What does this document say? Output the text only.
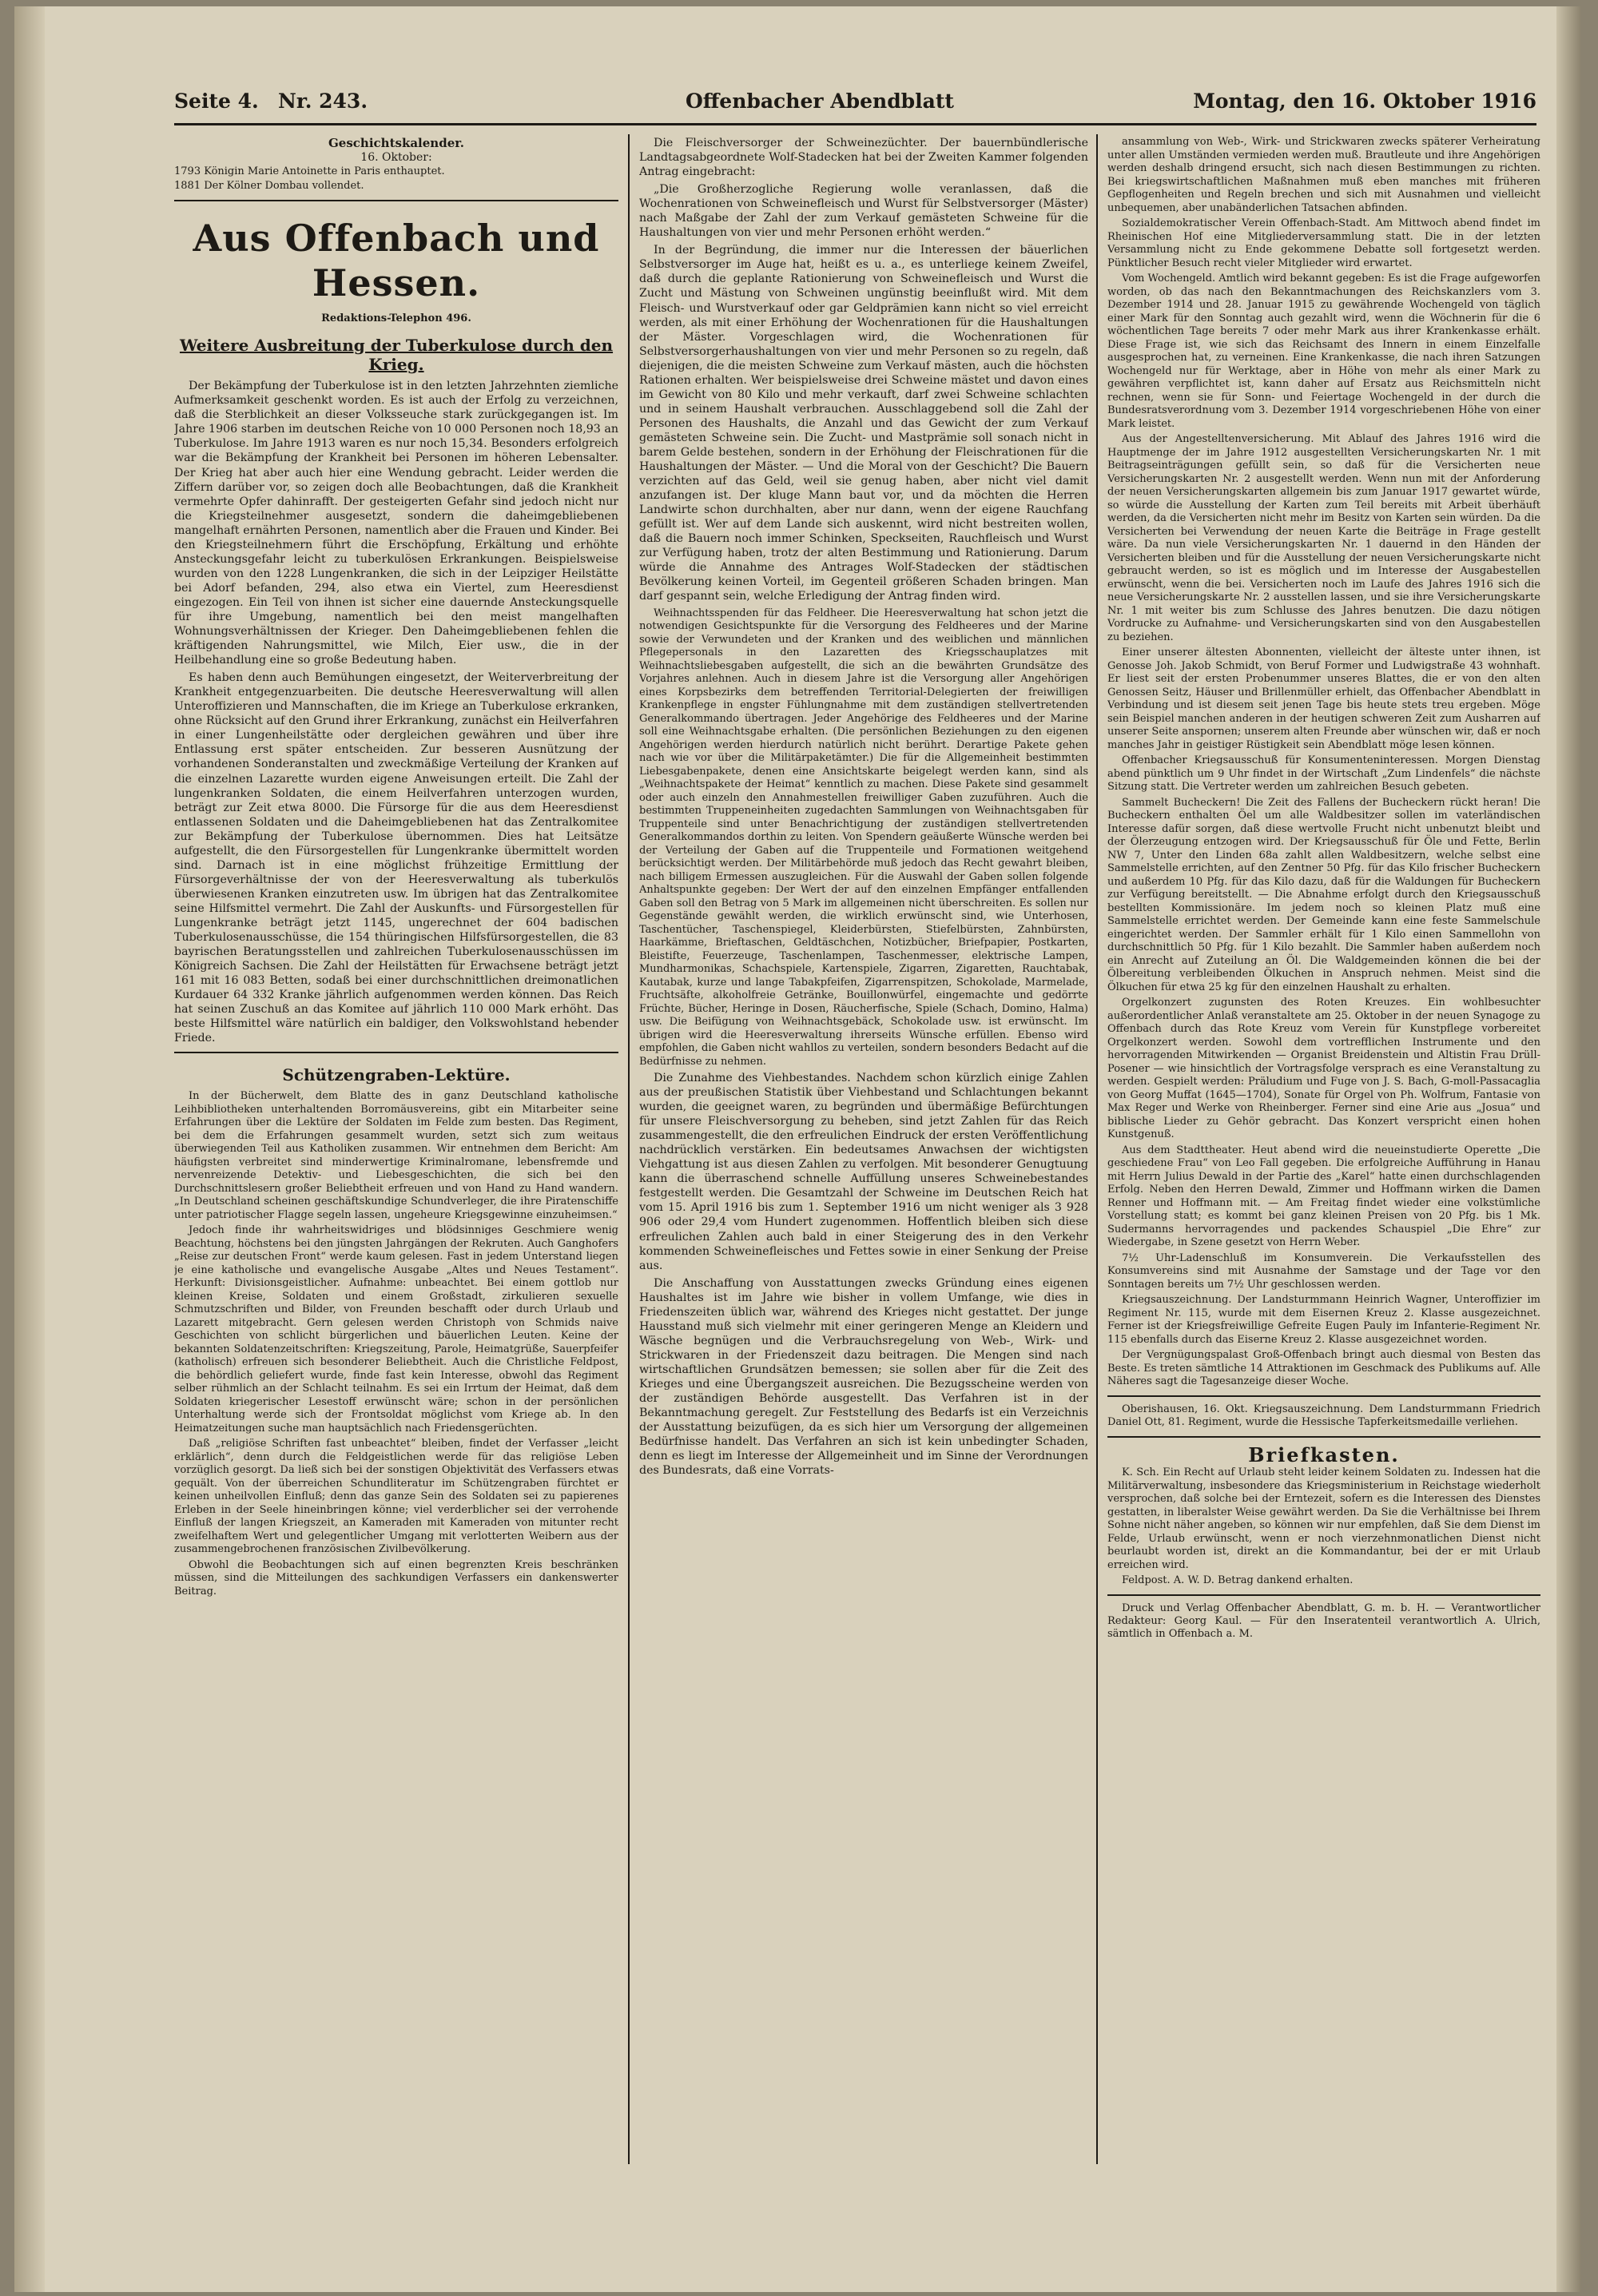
Seite 4. Nr. 243.	Offenbacher Abendblatt	Montag, den 16. Oktober 1916
Geschichtskalender.
16. Oktober:

1793 Königin Marie Antoinette in Paris enthauptet.

1881 Der Kölner Dombau vollendet.

Aus Offenbach und Hessen.
Redaktions-Telephon 496.
Weitere Ausbreitung der Tuberkulose durch den Krieg.

Der Bekämpfung der Tuberkulose ist in den letzten Jahrzehnten ziemliche Aufmerksamkeit geschenkt worden. Es ist auch der Erfolg zu verzeichnen, daß die Sterblichkeit an dieser Volksseuche stark zurückgegangen ist. Im Jahre 1906 starben im deutschen Reiche von 10 000 Personen noch 18,93 an Tuberkulose. Im Jahre 1913 waren es nur noch 15,34. Besonders erfolgreich war die Bekämpfung der Krankheit bei Personen im höheren Lebensalter. Der Krieg hat aber auch hier eine Wendung gebracht. Leider werden die Ziffern darüber vor, so zeigen doch alle Beobachtungen, daß die Krankheit vermehrte Opfer dahinrafft. Der gesteigerten Gefahr sind jedoch nicht nur die Kriegsteilnehmer ausgesetzt, sondern die daheimgebliebenen mangelhaft ernährten Personen, namentlich aber die Frauen und Kinder. Bei den Kriegsteilnehmern führt die Erschöpfung, Erkältung und erhöhte Ansteckungsgefahr leicht zu tuberkulösen Erkrankungen. Beispielsweise wurden von den 1228 Lungenkranken, die sich in der Leipziger Heilstätte bei Adorf befanden, 294, also etwa ein Viertel, zum Heeresdienst eingezogen. Ein Teil von ihnen ist sicher eine dauernde Ansteckungsquelle für ihre Umgebung, namentlich bei den meist mangelhaften Wohnungsverhältnissen der Krieger. Den Daheimgebliebenen fehlen die kräftigenden Nahrungsmittel, wie Milch, Eier usw., die in der Heilbehandlung eine so große Bedeutung haben.

Es haben denn auch Bemühungen eingesetzt, der Weiterverbreitung der Krankheit entgegenzuarbeiten. Die deutsche Heeresverwaltung will allen Unteroffizieren und Mannschaften, die im Kriege an Tuberkulose erkranken, ohne Rücksicht auf den Grund ihrer Erkrankung, zunächst ein Heilverfahren in einer Lungenheilstätte oder dergleichen gewähren und über ihre Entlassung erst später entscheiden. Zur besseren Ausnützung der vorhandenen Sonderanstalten und zweckmäßige Verteilung der Kranken auf die einzelnen Lazarette wurden eigene Anweisungen erteilt. Die Zahl der lungenkranken Soldaten, die einem Heilverfahren unterzogen wurden, beträgt zur Zeit etwa 8000. Die Fürsorge für die aus dem Heeresdienst entlassenen Soldaten und die Daheimgebliebenen hat das Zentralkomitee zur Bekämpfung der Tuberkulose übernommen. Dies hat Leitsätze aufgestellt, die den Fürsorgestellen für Lungenkranke übermittelt worden sind. Darnach ist in eine möglichst frühzeitige Ermittlung der Fürsorgeverhältnisse der von der Heeresverwaltung als tuberkulös überwiesenen Kranken einzutreten usw. Im übrigen hat das Zentralkomitee seine Hilfsmittel vermehrt. Die Zahl der Auskunfts- und Fürsorgestellen für Lungenkranke beträgt jetzt 1145, ungerechnet der 604 badischen Tuberkulosenausschüsse, die 154 thüringischen Hilfsfürsorgestellen, die 83 bayrischen Beratungsstellen und zahlreichen Tuberkulosenausschüssen im Königreich Sachsen. Die Zahl der Heilstätten für Erwachsene beträgt jetzt 161 mit 16 083 Betten, sodaß bei einer durchschnittlichen dreimonatlichen Kurdauer 64 332 Kranke jährlich aufgenommen werden können. Das Reich hat seinen Zuschuß an das Komitee auf jährlich 110 000 Mark erhöht. Das beste Hilfsmittel wäre natürlich ein baldiger, den Volkswohlstand hebender Friede.

Schützengraben-Lektüre.

In der Bücherwelt, dem Blatte des in ganz Deutschland katholische Leihbibliotheken unterhaltenden Borromäusvereins, gibt ein Mitarbeiter seine Erfahrungen über die Lektüre der Soldaten im Felde zum besten. Das Regiment, bei dem die Erfahrungen gesammelt wurden, setzt sich zum weitaus überwiegenden Teil aus Katholiken zusammen. Wir entnehmen dem Bericht: Am häufigsten verbreitet sind minderwertige Kriminalromane, lebensfremde und nervenreizende Detektiv- und Liebesgeschichten, die sich bei den Durchschnittslesern großer Beliebtheit erfreuen und von Hand zu Hand wandern. „In Deutschland scheinen geschäftskundige Schundverleger, die ihre Piratenschiffe unter patriotischer Flagge segeln lassen, ungeheure Kriegsgewinne einzuheimsen.“

Jedoch finde ihr wahrheitswidriges und blödsinniges Geschmiere wenig Beachtung, höchstens bei den jüngsten Jahrgängen der Rekruten. Auch Ganghofers „Reise zur deutschen Front“ werde kaum gelesen. Fast in jedem Unterstand liegen je eine katholische und evangelische Ausgabe „Altes und Neues Testament“. Herkunft: Divisionsgeistlicher. Aufnahme: unbeachtet. Bei einem gottlob nur kleinen Kreise, Soldaten und einem Großstadt, zirkulieren sexuelle Schmutzschriften und Bilder, von Freunden beschafft oder durch Urlaub und Lazarett mitgebracht. Gern gelesen werden Christoph von Schmids naive Geschichten von schlicht bürgerlichen und bäuerlichen Leuten. Keine der bekannten Soldatenzeitschriften: Kriegszeitung, Parole, Heimatgrüße, Sauerpfeifer (katholisch) erfreuen sich besonderer Beliebtheit. Auch die Christliche Feldpost, die behördlich geliefert wurde, finde fast kein Interesse, obwohl das Regiment selber rühmlich an der Schlacht teilnahm. Es sei ein Irrtum der Heimat, daß dem Soldaten kriegerischer Lesestoff erwünscht wäre; schon in der persönlichen Unterhaltung werde sich der Frontsoldat möglichst vom Kriege ab. In den Heimatzeitungen suche man hauptsächlich nach Friedensgerüchten.

Daß „religiöse Schriften fast unbeachtet“ bleiben, findet der Verfasser „leicht erklärlich“, denn durch die Feldgeistlichen werde für das religiöse Leben vorzüglich gesorgt. Da ließ sich bei der sonstigen Objektivität des Verfassers etwas gequält. Von der überreichen Schundliteratur im Schützengraben fürchtet er keinen unheilvollen Einfluß; denn das ganze Sein des Soldaten sei zu papierenes Erleben in der Seele hineinbringen könne; viel verderblicher sei der verrohende Einfluß der langen Kriegszeit, an Kameraden mit Kameraden von mitunter recht zweifelhaftem Wert und gelegentlicher Umgang mit verlotterten Weibern aus der zusammengebrochenen französischen Zivilbevölkerung.

Obwohl die Beobachtungen sich auf einen begrenzten Kreis beschränken müssen, sind die Mitteilungen des sachkundigen Verfassers ein dankenswerter Beitrag.

Die Fleischversorger der Schweinezüchter. Der bauernbündlerische Landtagsabgeordnete Wolf-Stadecken hat bei der Zweiten Kammer folgenden Antrag eingebracht:

„Die Großherzogliche Regierung wolle veranlassen, daß die Wochenrationen von Schweinefleisch und Wurst für Selbstversorger (Mäster) nach Maßgabe der Zahl der zum Verkauf gemästeten Schweine für die Haushaltungen von vier und mehr Personen erhöht werden.“

In der Begründung, die immer nur die Interessen der bäuerlichen Selbstversorger im Auge hat, heißt es u. a., es unterliege keinem Zweifel, daß durch die geplante Rationierung von Schweinefleisch und Wurst die Zucht und Mästung von Schweinen ungünstig beeinflußt wird. Mit dem Fleisch- und Wurstverkauf oder gar Geldprämien kann nicht so viel erreicht werden, als mit einer Erhöhung der Wochenrationen für die Haushaltungen der Mäster. Vorgeschlagen wird, die Wochenrationen für Selbstversorgerhaushaltungen von vier und mehr Personen so zu regeln, daß diejenigen, die die meisten Schweine zum Verkauf mästen, auch die höchsten Rationen erhalten. Wer beispielsweise drei Schweine mästet und davon eines im Gewicht von 80 Kilo und mehr verkauft, darf zwei Schweine schlachten und in seinem Haushalt verbrauchen. Ausschlaggebend soll die Zahl der Personen des Haushalts, die Anzahl und das Gewicht der zum Verkauf gemästeten Schweine sein. Die Zucht- und Mastprämie soll sonach nicht in barem Gelde bestehen, sondern in der Erhöhung der Fleischrationen für die Haushaltungen der Mäster. — Und die Moral von der Geschicht? Die Bauern verzichten auf das Geld, weil sie genug haben, aber nicht viel damit anzufangen ist. Der kluge Mann baut vor, und da möchten die Herren Landwirte schon durchhalten, aber nur dann, wenn der eigene Rauchfang gefüllt ist. Wer auf dem Lande sich auskennt, wird nicht bestreiten wollen, daß die Bauern noch immer Schinken, Speckseiten, Rauchfleisch und Wurst zur Verfügung haben, trotz der alten Bestimmung und Rationierung. Darum würde die Annahme des Antrages Wolf-Stadecken der städtischen Bevölkerung keinen Vorteil, im Gegenteil größeren Schaden bringen. Man darf gespannt sein, welche Erledigung der Antrag finden wird.

Weihnachtsspenden für das Feldheer. Die Heeresverwaltung hat schon jetzt die notwendigen Gesichtspunkte für die Versorgung des Feldheeres und der Marine sowie der Verwundeten und der Kranken und des weiblichen und männlichen Pflegepersonals in den Lazaretten des Kriegsschauplatzes mit Weihnachtsliebesgaben aufgestellt, die sich an die bewährten Grundsätze des Vorjahres anlehnen. Auch in diesem Jahre ist die Versorgung aller Angehörigen eines Korpsbezirks dem betreffenden Territorial-Delegierten der freiwilligen Krankenpflege in engster Fühlungnahme mit dem zuständigen stellvertretenden Generalkommando übertragen. Jeder Angehörige des Feldheeres und der Marine soll eine Weihnachtsgabe erhalten. (Die persönlichen Beziehungen zu den eigenen Angehörigen werden hierdurch natürlich nicht berührt. Derartige Pakete gehen nach wie vor über die Militärpaketämter.) Die für die Allgemeinheit bestimmten Liebesgabenpakete, denen eine Ansichtskarte beigelegt werden kann, sind als „Weihnachtspakete der Heimat“ kenntlich zu machen. Diese Pakete sind gesammelt oder auch einzeln den Annahmestellen freiwilliger Gaben zuzuführen. Auch die bestimmten Truppeneinheiten zugedachten Sammlungen von Weihnachtsgaben für Truppenteile sind unter Benachrichtigung der zuständigen stellvertretenden Generalkommandos dorthin zu leiten. Von Spendern geäußerte Wünsche werden bei der Verteilung der Gaben auf die Truppenteile und Formationen weitgehend berücksichtigt werden. Der Militärbehörde muß jedoch das Recht gewahrt bleiben, nach billigem Ermessen auszugleichen. Für die Auswahl der Gaben sollen folgende Anhaltspunkte gegeben: Der Wert der auf den einzelnen Empfänger entfallenden Gaben soll den Betrag von 5 Mark im allgemeinen nicht überschreiten. Es sollen nur Gegenstände gewählt werden, die wirklich erwünscht sind, wie Unterhosen, Taschentücher, Taschenspiegel, Kleiderbürsten, Stiefelbürsten, Zahnbürsten, Haarkämme, Brieftaschen, Geldtäschchen, Notizbücher, Briefpapier, Postkarten, Bleistifte, Feuerzeuge, Taschenlampen, Taschenmesser, elektrische Lampen, Mundharmonikas, Schachspiele, Kartenspiele, Zigarren, Zigaretten, Rauchtabak, Kautabak, kurze und lange Tabakpfeifen, Zigarrenspitzen, Schokolade, Marmelade, Fruchtsäfte, alkoholfreie Getränke, Bouillonwürfel, eingemachte und gedörrte Früchte, Bücher, Heringe in Dosen, Räucherfische, Spiele (Schach, Domino, Halma) usw. Die Beifügung von Weihnachtsgebäck, Schokolade usw. ist erwünscht. Im übrigen wird die Heeresverwaltung ihrerseits Wünsche erfüllen. Ebenso wird empfohlen, die Gaben nicht wahllos zu verteilen, sondern besonders Bedacht auf die Bedürfnisse zu nehmen.

Die Zunahme des Viehbestandes. Nachdem schon kürzlich einige Zahlen aus der preußischen Statistik über Viehbestand und Schlachtungen bekannt wurden, die geeignet waren, zu begründen und übermäßige Befürchtungen für unsere Fleischversorgung zu beheben, sind jetzt Zahlen für das Reich zusammengestellt, die den erfreulichen Eindruck der ersten Veröffentlichung nachdrücklich verstärken. Ein bedeutsames Anwachsen der wichtigsten Viehgattung ist aus diesen Zahlen zu verfolgen. Mit besonderer Genugtuung kann die überraschend schnelle Auffüllung unseres Schweinebestandes festgestellt werden. Die Gesamtzahl der Schweine im Deutschen Reich hat vom 15. April 1916 bis zum 1. September 1916 um nicht weniger als 3 928 906 oder 29,4 vom Hundert zugenommen. Hoffentlich bleiben sich diese erfreulichen Zahlen auch bald in einer Steigerung des in den Verkehr kommenden Schweinefleisches und Fettes sowie in einer Senkung der Preise aus.

Die Anschaffung von Ausstattungen zwecks Gründung eines eigenen Haushaltes ist im Jahre wie bisher in vollem Umfange, wie dies in Friedenszeiten üblich war, während des Krieges nicht gestattet. Der junge Hausstand muß sich vielmehr mit einer geringeren Menge an Kleidern und Wäsche begnügen und die Verbrauchsregelung von Web-, Wirk- und Strickwaren in der Friedenszeit dazu beitragen. Die Mengen sind nach wirtschaftlichen Grundsätzen bemessen; sie sollen aber für die Zeit des Krieges und eine Übergangszeit ausreichen. Die Bezugsscheine werden von der zuständigen Behörde ausgestellt. Das Verfahren ist in der Bekanntmachung geregelt. Zur Feststellung des Bedarfs ist ein Verzeichnis der Ausstattung beizufügen, da es sich hier um Versorgung der allgemeinen Bedürfnisse handelt. Das Verfahren an sich ist kein unbedingter Schaden, denn es liegt im Interesse der Allgemeinheit und im Sinne der Verordnungen des Bundesrats, daß eine Vorrats-

ansammlung von Web-, Wirk- und Strickwaren zwecks späterer Verheiratung unter allen Umständen vermieden werden muß. Brautleute und ihre Angehörigen werden deshalb dringend ersucht, sich nach diesen Bestimmungen zu richten. Bei kriegswirtschaftlichen Maßnahmen muß eben manches mit früheren Gepflogenheiten und Regeln brechen und sich mit Ausnahmen und vielleicht unbequemen, aber unabänderlichen Tatsachen abfinden.

Sozialdemokratischer Verein Offenbach-Stadt. Am Mittwoch abend findet im Rheinischen Hof eine Mitgliederversammlung statt. Die in der letzten Versammlung nicht zu Ende gekommene Debatte soll fortgesetzt werden. Pünktlicher Besuch recht vieler Mitglieder wird erwartet.

Vom Wochengeld. Amtlich wird bekannt gegeben: Es ist die Frage aufgeworfen worden, ob das nach den Bekanntmachungen des Reichskanzlers vom 3. Dezember 1914 und 28. Januar 1915 zu gewährende Wochengeld von täglich einer Mark für den Sonntag auch gezahlt wird, wenn die Wöchnerin für die 6 wöchentlichen Tage bereits 7 oder mehr Mark aus ihrer Krankenkasse erhält. Diese Frage ist, wie sich das Reichsamt des Innern in einem Einzelfalle ausgesprochen hat, zu verneinen. Eine Krankenkasse, die nach ihren Satzungen Wochengeld nur für Werktage, aber in Höhe von mehr als einer Mark zu gewähren verpflichtet ist, kann daher auf Ersatz aus Reichsmitteln nicht rechnen, wenn sie für Sonn- und Feiertage Wochengeld in der durch die Bundesratsverordnung vom 3. Dezember 1914 vorgeschriebenen Höhe von einer Mark leistet.

Aus der Angestelltenversicherung. Mit Ablauf des Jahres 1916 wird die Hauptmenge der im Jahre 1912 ausgestellten Versicherungskarten Nr. 1 mit Beitragseinträgungen gefüllt sein, so daß für die Versicherten neue Versicherungskarten Nr. 2 ausgestellt werden. Wenn nun mit der Anforderung der neuen Versicherungskarten allgemein bis zum Januar 1917 gewartet würde, so würde die Ausstellung der Karten zum Teil bereits mit Arbeit überhäuft werden, da die Versicherten nicht mehr im Besitz von Karten sein würden. Da die Versicherten bei Verwendung der neuen Karte die Beiträge in Frage gestellt wäre. Da nun viele Versicherungskarten Nr. 1 dauernd in den Händen der Versicherten bleiben und für die Ausstellung der neuen Versicherungskarte nicht gebraucht werden, so ist es möglich und im Interesse der Ausgabestellen erwünscht, wenn die bei. Versicherten noch im Laufe des Jahres 1916 sich die neue Versicherungskarte Nr. 2 ausstellen lassen, und sie ihre Versicherungskarte Nr. 1 mit weiter bis zum Schlusse des Jahres benutzen. Die dazu nötigen Vordrucke zu Aufnahme- und Versicherungskarten sind von den Ausgabestellen zu beziehen.

Einer unserer ältesten Abonnenten, vielleicht der älteste unter ihnen, ist Genosse Joh. Jakob Schmidt, von Beruf Former und Ludwigstraße 43 wohnhaft. Er liest seit der ersten Probenummer unseres Blattes, die er von den alten Genossen Seitz, Häuser und Brillenmüller erhielt, das Offenbacher Abendblatt in Verbindung und ist diesem seit jenen Tage bis heute stets treu ergeben. Möge sein Beispiel manchen anderen in der heutigen schweren Zeit zum Ausharren auf unserer Seite anspornen; unserem alten Freunde aber wünschen wir, daß er noch manches Jahr in geistiger Rüstigkeit sein Abendblatt möge lesen können.

Offenbacher Kriegsausschuß für Konsumenteninteressen. Morgen Dienstag abend pünktlich um 9 Uhr findet in der Wirtschaft „Zum Lindenfels“ die nächste Sitzung statt. Die Vertreter werden um zahlreichen Besuch gebeten.

Sammelt Bucheckern! Die Zeit des Fallens der Bucheckern rückt heran! Die Bucheckern enthalten Öel um alle Waldbesitzer sollen im vaterländischen Interesse dafür sorgen, daß diese wertvolle Frucht nicht unbenutzt bleibt und der Ölerzeugung entzogen wird. Der Kriegsausschuß für Öle und Fette, Berlin NW 7, Unter den Linden 68a zahlt allen Waldbesitzern, welche selbst eine Sammelstelle errichten, auf den Zentner 50 Pfg. für das Kilo frischer Bucheckern und außerdem 10 Pfg. für das Kilo dazu, daß für die Waldungen für Bucheckern zur Verfügung bereitstellt. — Die Abnahme erfolgt durch den Kriegsausschuß bestellten Kommissionäre. Im jedem noch so kleinen Platz muß eine Sammelstelle errichtet werden. Der Gemeinde kann eine feste Sammelschule eingerichtet werden. Der Sammler erhält für 1 Kilo einen Sammellohn von durchschnittlich 50 Pfg. für 1 Kilo bezahlt. Die Sammler haben außerdem noch ein Anrecht auf Zuteilung an Öl. Die Waldgemeinden können die bei der Ölbereitung verbleibenden Ölkuchen in Anspruch nehmen. Meist sind die Ölkuchen für etwa 25 kg für den einzelnen Haushalt zu erhalten.

Orgelkonzert zugunsten des Roten Kreuzes. Ein wohlbesuchter außerordentlicher Anlaß veranstaltete am 25. Oktober in der neuen Synagoge zu Offenbach durch das Rote Kreuz vom Verein für Kunstpflege vorbereitet Orgelkonzert werden. Sowohl dem vortrefflichen Instrumente und den hervorragenden Mitwirkenden — Organist Breidenstein und Altistin Frau Drüll-Posener — wie hinsichtlich der Vortragsfolge versprach es eine Veranstaltung zu werden. Gespielt werden: Präludium und Fuge von J. S. Bach, G-moll-Passacaglia von Georg Muffat (1645—1704), Sonate für Orgel von Ph. Wolfrum, Fantasie von Max Reger und Werke von Rheinberger. Ferner sind eine Arie aus „Josua“ und biblische Lieder zu Gehör gebracht. Das Konzert verspricht einen hohen Kunstgenuß.

Aus dem Stadttheater. Heut abend wird die neueinstudierte Operette „Die geschiedene Frau“ von Leo Fall gegeben. Die erfolgreiche Aufführung in Hanau mit Herrn Julius Dewald in der Partie des „Karel“ hatte einen durchschlagenden Erfolg. Neben den Herren Dewald, Zimmer und Hoffmann wirken die Damen Renner und Hoffmann mit. — Am Freitag findet wieder eine volkstümliche Vorstellung statt; es kommt bei ganz kleinen Preisen von 20 Pfg. bis 1 Mk. Sudermanns hervorragendes und packendes Schauspiel „Die Ehre“ zur Wiedergabe, in Szene gesetzt von Herrn Weber.

7½ Uhr-Ladenschluß im Konsumverein. Die Verkaufsstellen des Konsumvereins sind mit Ausnahme der Samstage und der Tage vor den Sonntagen bereits um 7½ Uhr geschlossen werden.

Kriegsauszeichnung. Der Landsturmmann Heinrich Wagner, Unteroffizier im Regiment Nr. 115, wurde mit dem Eisernen Kreuz 2. Klasse ausgezeichnet. Ferner ist der Kriegsfreiwillige Gefreite Eugen Pauly im Infanterie-Regiment Nr. 115 ebenfalls durch das Eiserne Kreuz 2. Klasse ausgezeichnet worden.

Der Vergnügungspalast Groß-Offenbach bringt auch diesmal von Besten das Beste. Es treten sämtliche 14 Attraktionen im Geschmack des Publikums auf. Alle Näheres sagt die Tagesanzeige dieser Woche.

Oberishausen, 16. Okt. Kriegsauszeichnung. Dem Landsturmmann Friedrich Daniel Ott, 81. Regiment, wurde die Hessische Tapferkeitsmedaille verliehen.

Briefkasten.

K. Sch. Ein Recht auf Urlaub steht leider keinem Soldaten zu. Indessen hat die Militärverwaltung, insbesondere das Kriegsministerium in Reichstage wiederholt versprochen, daß solche bei der Erntezeit, sofern es die Interessen des Dienstes gestatten, in liberalster Weise gewährt werden. Da Sie die Verhältnisse bei Ihrem Sohne nicht näher angeben, so können wir nur empfehlen, daß Sie dem Dienst im Felde, Urlaub erwünscht, wenn er noch vierzehnmonatlichen Dienst nicht beurlaubt worden ist, direkt an die Kommandantur, bei der er mit Urlaub erreichen wird.

Feldpost. A. W. D. Betrag dankend erhalten.

Druck und Verlag Offenbacher Abendblatt, G. m. b. H. — Verantwortlicher Redakteur: Georg Kaul. — Für den Inseratenteil verantwortlich A. Ulrich, sämtlich in Offenbach a. M.
